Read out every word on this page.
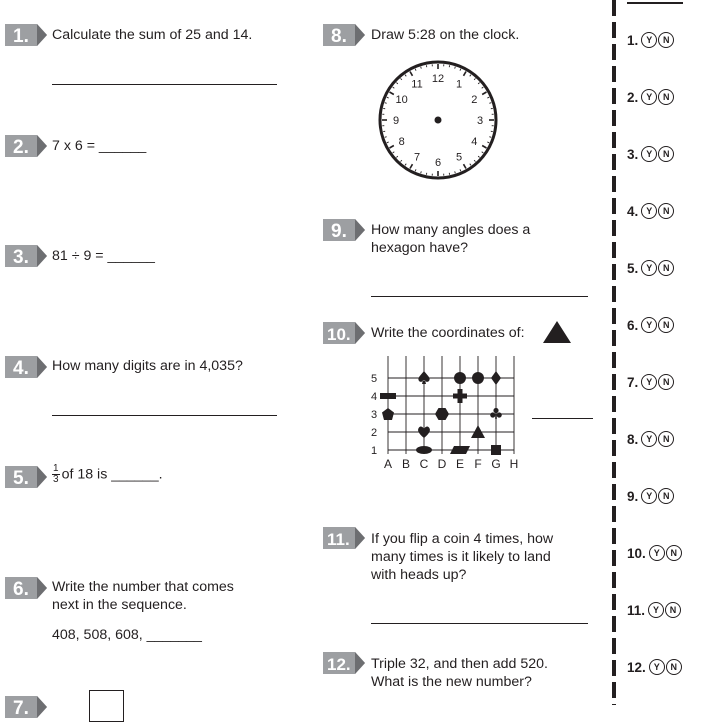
1. Calculate the sum of 25 and 14.
2. 7 x 6 = ______
3. 81 ÷ 9 = ______
4. How many digits are in 4,035?
5. $\frac{1}{3}$ of 18 is ______.
6. Write the number that comes
next in the sequence.
408, 508, 608, _______
7.
8. Draw 5:28 on the clock.
12 1
2
3
4
5
6
7
8
9
10
11
9. How many angles does a
hexagon have?
10. Write the coordinates of:
A B C D E F G H
1
2
3
4
5
11. If you flip a coin 4 times, how
many times is it likely to land
with heads up?
12. Triple 32, and then add 520.
What is the new number?
1. Y	N
2. Y	N
3. Y	N
4. Y	N
5. Y	N
6. Y	N
7. Y	N
8. Y	N
9. Y	N
10. Y	N
11. Y	N
12. Y	N
